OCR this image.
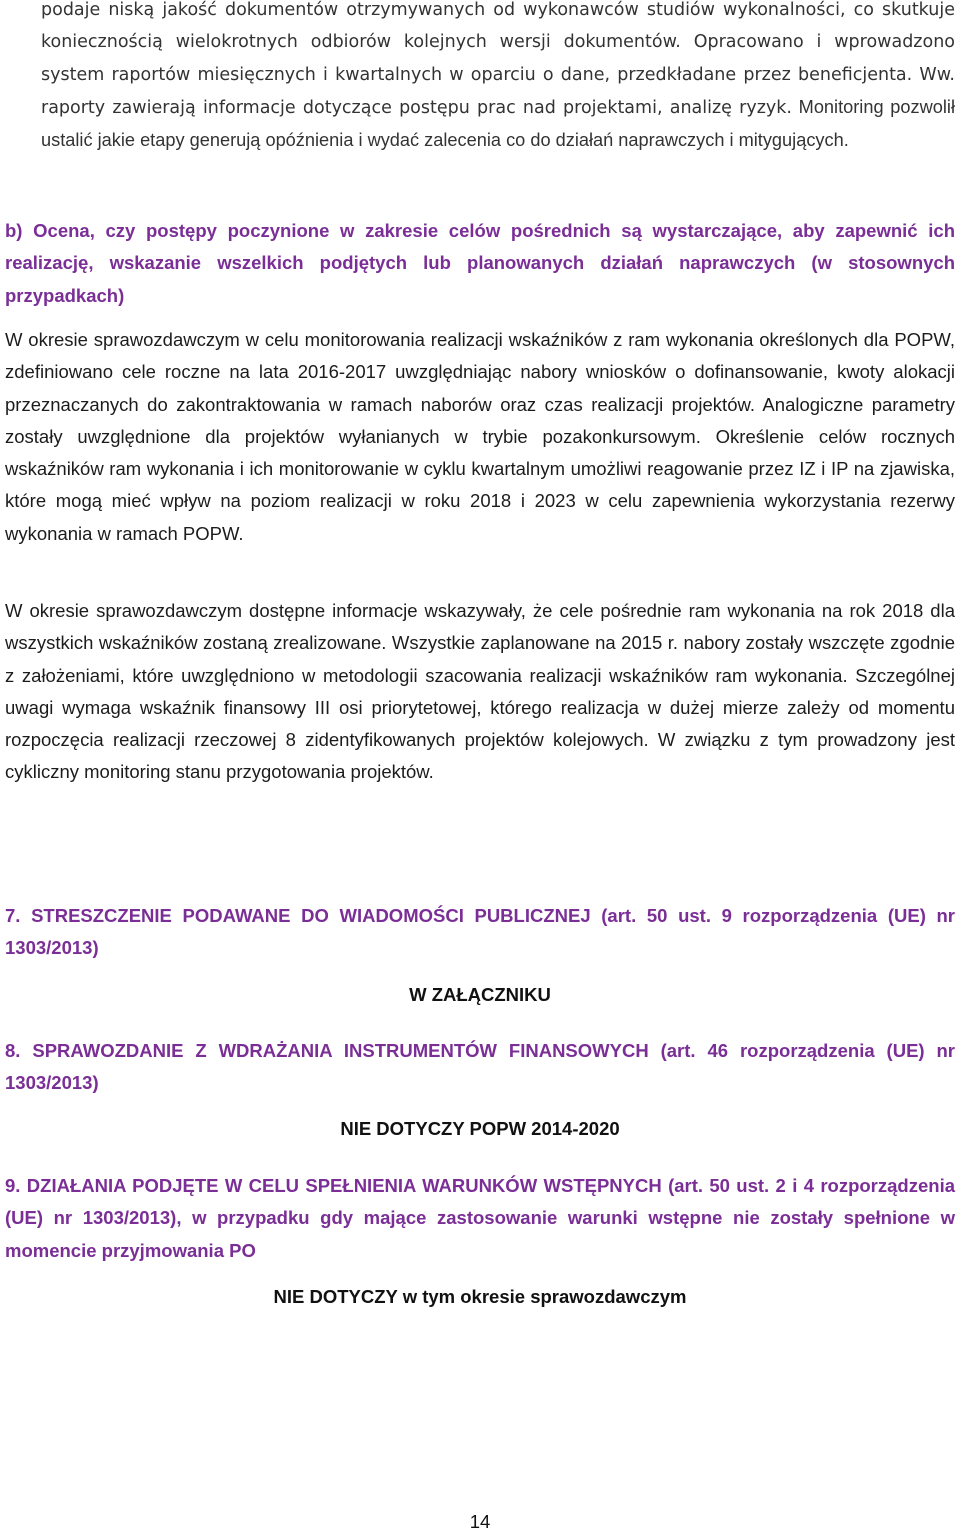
podaje niską jakość dokumentów otrzymywanych od wykonawców studiów wykonalności, co skutkuje koniecznością wielokrotnych odbiorów kolejnych wersji dokumentów. Opracowano i wprowadzono system raportów miesięcznych i kwartalnych w oparciu o dane, przedkładane przez beneficjenta. Ww. raporty zawierają informacje dotyczące postępu prac nad projektami, analizę ryzyk. Monitoring pozwolił ustalić jakie etapy generują opóźnienia i wydać zalecenia co do działań naprawczych i mitygujących.
b) Ocena, czy postępy poczynione w zakresie celów pośrednich są wystarczające, aby zapewnić ich realizację, wskazanie wszelkich podjętych lub planowanych działań naprawczych (w stosownych przypadkach)
W okresie sprawozdawczym w celu monitorowania realizacji wskaźników z ram wykonania określonych dla POPW, zdefiniowano cele roczne na lata 2016-2017 uwzględniając nabory wniosków o dofinansowanie, kwoty alokacji przeznaczanych do zakontraktowania w ramach naborów oraz czas realizacji projektów. Analogiczne parametry zostały uwzględnione dla projektów wyłanianych w trybie pozakonkursowym. Określenie celów rocznych wskaźników ram wykonania i ich monitorowanie w cyklu kwartalnym umożliwi reagowanie przez IZ i IP na zjawiska, które mogą mieć wpływ na poziom realizacji w roku 2018 i 2023 w celu zapewnienia wykorzystania rezerwy wykonania w ramach POPW.
W okresie sprawozdawczym dostępne informacje wskazywały, że cele pośrednie ram wykonania na rok 2018 dla wszystkich wskaźników zostaną zrealizowane. Wszystkie zaplanowane na 2015 r. nabory zostały wszczęte zgodnie z założeniami, które uwzględniono w metodologii szacowania realizacji wskaźników ram wykonania. Szczególnej uwagi wymaga wskaźnik finansowy III osi priorytetowej, którego realizacja w dużej mierze zależy od momentu rozpoczęcia realizacji rzeczowej 8 zidentyfikowanych projektów kolejowych. W związku z tym prowadzony jest cykliczny monitoring stanu przygotowania projektów.
7. STRESZCZENIE PODAWANE DO WIADOMOŚCI PUBLICZNEJ (art. 50 ust. 9 rozporządzenia (UE) nr 1303/2013)
W ZAŁĄCZNIKU
8. SPRAWOZDANIE Z WDRAŻANIA INSTRUMENTÓW FINANSOWYCH (art. 46 rozporządzenia (UE) nr 1303/2013)
NIE DOTYCZY POPW 2014-2020
9. DZIAŁANIA PODJĘTE W CELU SPEŁNIENIA WARUNKÓW WSTĘPNYCH (art. 50 ust. 2 i 4 rozporządzenia (UE) nr 1303/2013), w przypadku gdy mające zastosowanie warunki wstępne nie zostały spełnione w momencie przyjmowania PO
NIE DOTYCZY w tym okresie sprawozdawczym
14
